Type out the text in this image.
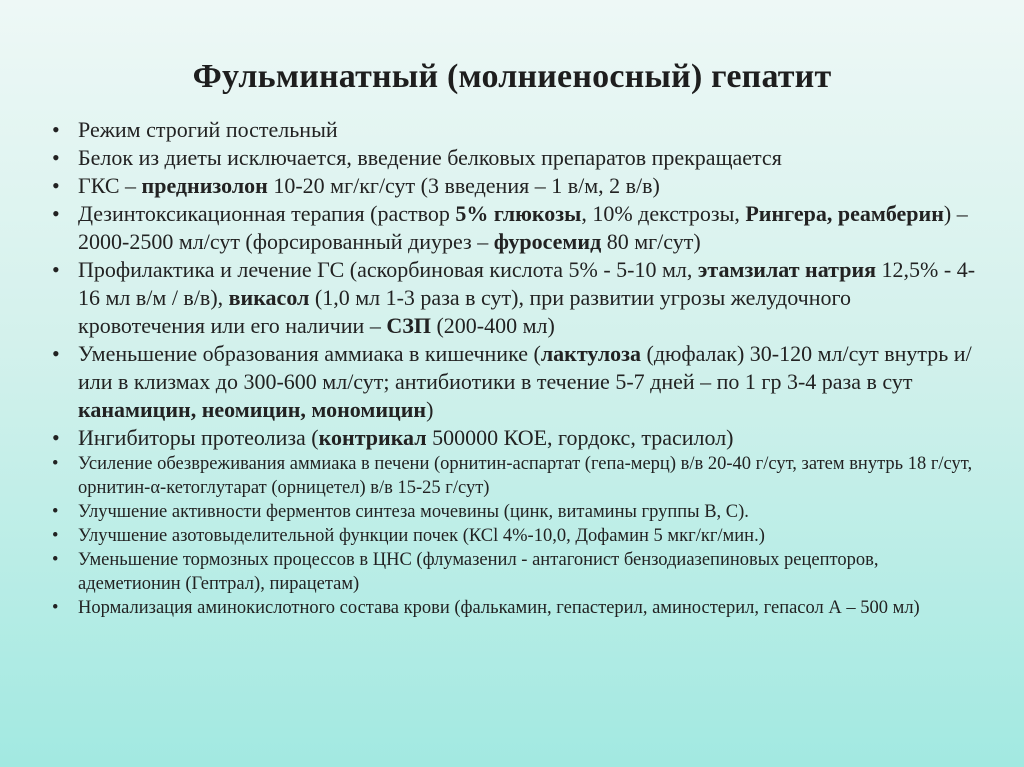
Фульминатный (молниеносный) гепатит
• Режим строгий постельный
• Белок из диеты исключается, введение белковых препаратов прекращается
• ГКС – преднизолон 10-20 мг/кг/сут (3 введения – 1 в/м, 2 в/в)
• Дезинтоксикационная терапия (раствор 5% глюкозы, 10% декстрозы, Рингера, реамберин) – 2000-2500 мл/сут (форсированный диурез – фуросемид 80 мг/сут)
• Профилактика и лечение ГС (аскорбиновая кислота 5% - 5-10 мл, этамзилат натрия 12,5% - 4-16 мл в/м / в/в), викасол (1,0 мл 1-3 раза в сут), при развитии угрозы желудочного кровотечения или его наличии – СЗП (200-400 мл)
• Уменьшение образования аммиака в кишечнике (лактулоза (дюфалак) 30-120 мл/сут внутрь и/или в клизмах до 300-600 мл/сут; антибиотики в течение 5-7 дней – по 1 гр 3-4 раза в сут канамицин, неомицин, мономицин)
• Ингибиторы протеолиза (контрикал 500000 КОЕ, гордокс, трасилол)
• Усиление обезвреживания аммиака в печени (орнитин-аспартат (гепа-мерц) в/в 20-40 г/сут, затем внутрь 18 г/сут, орнитин-α-кетоглутарат (орницетел) в/в 15-25 г/сут)
• Улучшение активности ферментов синтеза мочевины (цинк, витамины группы В, С).
• Улучшение азотовыделительной функции почек (КСl 4%-10,0, Дофамин 5 мкг/кг/мин.)
• Уменьшение тормозных процессов в ЦНС (флумазенил - антагонист бензодиазепиновых рецепторов, адеметионин (Гептрал), пирацетам)
• Нормализация аминокислотного состава крови (фалькамин, гепастерил, аминостерил, гепасол А – 500 мл)
